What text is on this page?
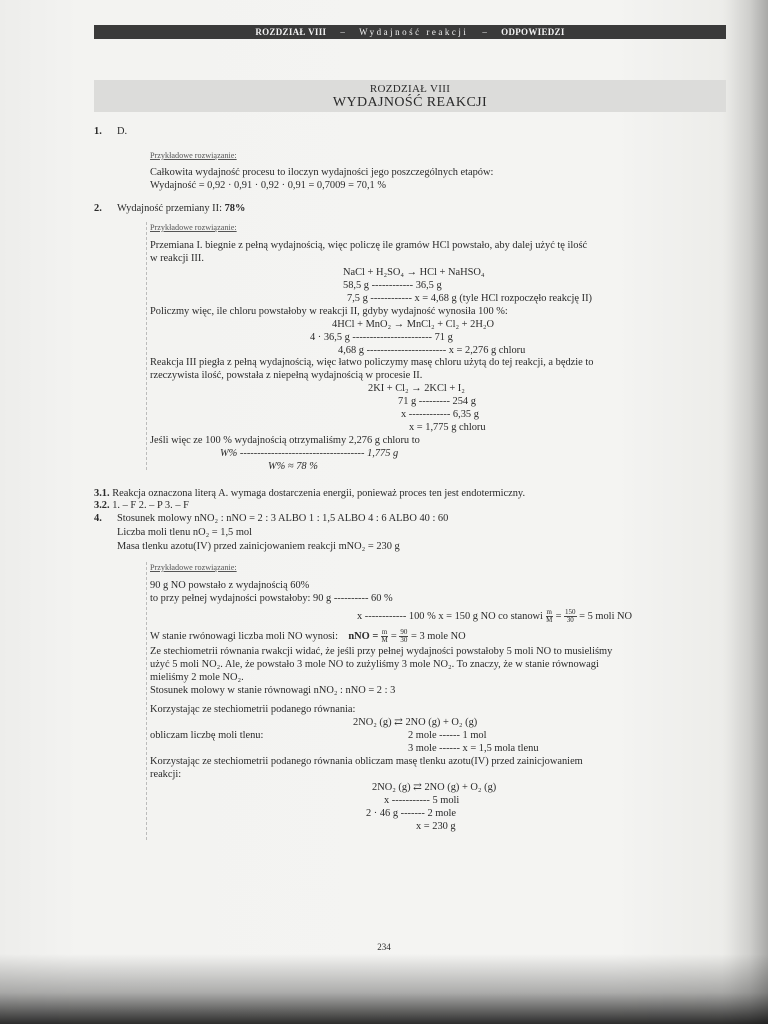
ROZDZIAŁ VIII – Wydajność reakcji – ODPOWIEDZI
ROZDZIAŁ VIII
WYDAJNOŚĆ REAKCJI
1. D.
Przykładowe rozwiązanie:
Całkowita wydajność procesu to iloczyn wydajności jego poszczególnych etapów:
Wydajność = 0,92 · 0,91 · 0,92 · 0,91 = 0,7009 = 70,1 %
2. Wydajność przemiany II: 78%
Przykładowe rozwiązanie:
Przemiana I. biegnie z pełną wydajnością, więc policzę ile gramów HCl powstało, aby dalej użyć tę ilość
w reakcji III.
NaCl + H₂SO₄ → HCl + NaHSO₄
58,5 g ------------ 36,5 g
7,5 g ------------ x = 4,68 g (tyle HCl rozpoczęło reakcję II)
Policzmy więc, ile chloru powstałoby w reakcji II, gdyby wydajność wynosiła 100 %:
4HCl + MnO₂ → MnCl₂ + Cl₂ + 2H₂O
4 · 36,5 g ----------------------- 71 g
4,68 g ----------------------- x = 2,276 g chloru
Reakcja III piegła z pełną wydajnością, więc łatwo policzymy masę chloru użytą do tej reakcji, a będzie to
rzeczywista ilość, powstała z niepełną wydajnością w procesie II.
2KI + Cl₂ → 2KCl + I₂
71 g --------- 254 g
x ------------ 6,35 g
x = 1,775 g chloru
Jeśli więc ze 100 % wydajnością otrzymaliśmy 2,276 g chloru to
W% ------------------------------------ 1,775 g
W% ≈ 78 %
3.1. Reakcja oznaczona literą A. wymaga dostarczenia energii, ponieważ proces ten jest endotermiczny.
3.2. 1. – F 2. – P 3. – F
4. Stosunek molowy nNO₂ : nNO = 2 : 3 ALBO 1 : 1,5 ALBO 4 : 6 ALBO 40 : 60
Liczba moli tlenu nO₂ = 1,5 mol
Masa tlenku azotu(IV) przed zainicjowaniem reakcji mNO₂ = 230 g
Przykładowe rozwiązanie:
90 g NO powstało z wydajnością 60%
to przy pełnej wydajności powstałoby: 90 g ---------- 60 %
x ------------ 100 % x = 150 g NO co stanowi $\frac{m}{M} = \frac{150}{30} = 5$ moli NO
W stanie rwónowagi liczba moli NO wynosi: nNO = $\frac{m}{M} = \frac{90}{30} = 3$ mole NO
Ze stechiometrii równania rwakcji widać, że jeśli przy pełnej wydajności powstałoby 5 moli NO to musieliśmy
użyć 5 moli NO₂. Ale, że powstało 3 mole NO to zużyliśmy 3 mole NO₂. To znaczy, że w stanie równowagi
mieliśmy 2 mole NO₂.
Stosunek molowy w stanie równowagi nNO₂ : nNO = 2 : 3
Korzystając ze stechiometrii podanego równania:
2NO₂ (g) ⇄ 2NO (g) + O₂ (g)
obliczam liczbę moli tlenu:	2 mole ------ 1 mol
3 mole ------ x = 1,5 mola tlenu
Korzystając ze stechiometrii podanego równania obliczam masę tlenku azotu(IV) przed zainicjowaniem
reakcji:
2NO₂ (g) ⇄ 2NO (g) + O₂ (g)
x ----------- 5 moli
2 · 46 g ------- 2 mole
x = 230 g
234
